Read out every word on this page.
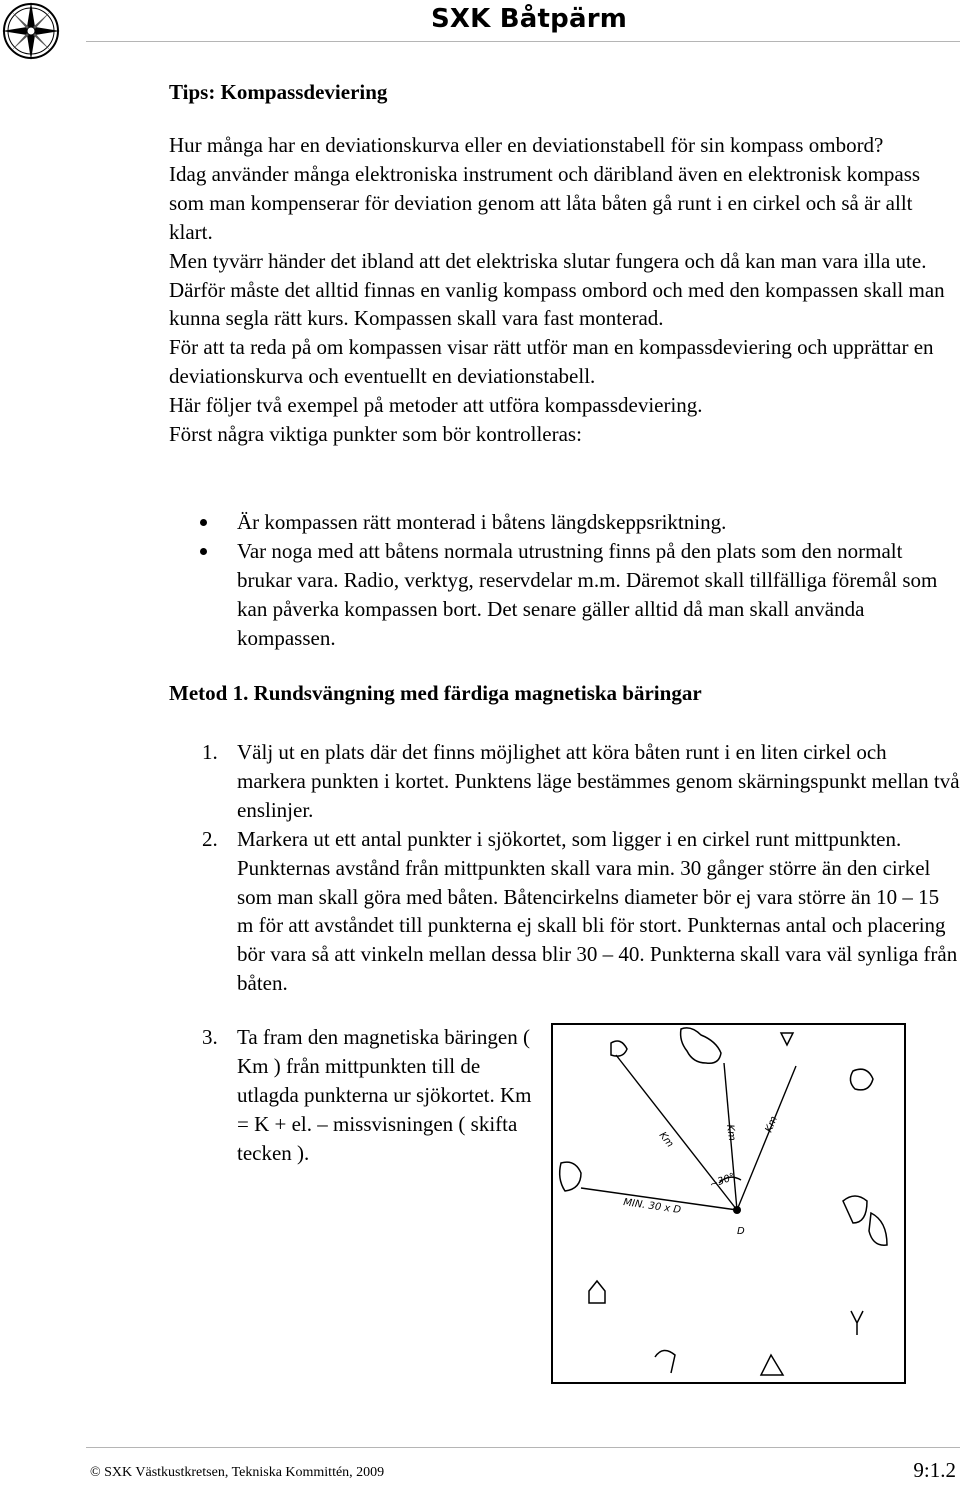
SXK Båtpärm
Tips: Kompassdeviering

Hur många har en deviationskurva eller en deviationstabell för sin kompass ombord?

Idag använder många elektroniska instrument och däribland även en elektronisk kompass som man kompenserar för deviation genom att låta båten gå runt i en cirkel och så är allt klart.

Men tyvärr händer det ibland att det elektriska slutar fungera och då kan man vara illa ute. Därför måste det alltid finnas en vanlig kompass ombord och med den kompassen skall man kunna segla rätt kurs. Kompassen skall vara fast monterad.

För att ta reda på om kompassen visar rätt utför man en kompassdeviering och upprättar en deviationskurva och eventuellt en deviationstabell.

Här följer två exempel på metoder att utföra kompassdeviering.

Först några viktiga punkter som bör kontrolleras:

Är kompassen rätt monterad i båtens längdskeppsriktning.
Var noga med att båtens normala utrustning finns på den plats som den normalt brukar vara. Radio, verktyg, reservdelar m.m. Däremot skall tillfälliga föremål som kan påverka kompassen bort. Det senare gäller alltid då man skall använda kompassen.
Metod 1. Rundsvängning med färdiga magnetiska bäringar
1. Välj ut en plats där det finns möjlighet att köra båten runt i en liten cirkel och markera punkten i kortet. Punktens läge bestämmes genom skärningspunkt mellan två enslinjer.
2. Markera ut ett antal punkter i sjökortet, som ligger i en cirkel runt mittpunkten. Punkternas avstånd från mittpunkten skall vara min. 30 gånger större än den cirkel som man skall göra med båten. Båtencirkelns diameter bör ej vara större än 10 – 15 m för att avståndet till punkterna ej skall bli för stort. Punkternas antal och placering bör vara så att vinkeln mellan dessa blir 30 – 40. Punkterna skall vara väl synliga från båten.
3. Ta fram den magnetiska bäringen ( Km ) från mittpunkten till de utlagda punkterna ur sjökortet. Km = K + el. – missvisningen ( skifta tecken ).
Km	Km	Km
~30°
MIN. 30 x D
D
© SXK Västkustkretsen, Tekniska Kommittén, 2009	9:1.2
